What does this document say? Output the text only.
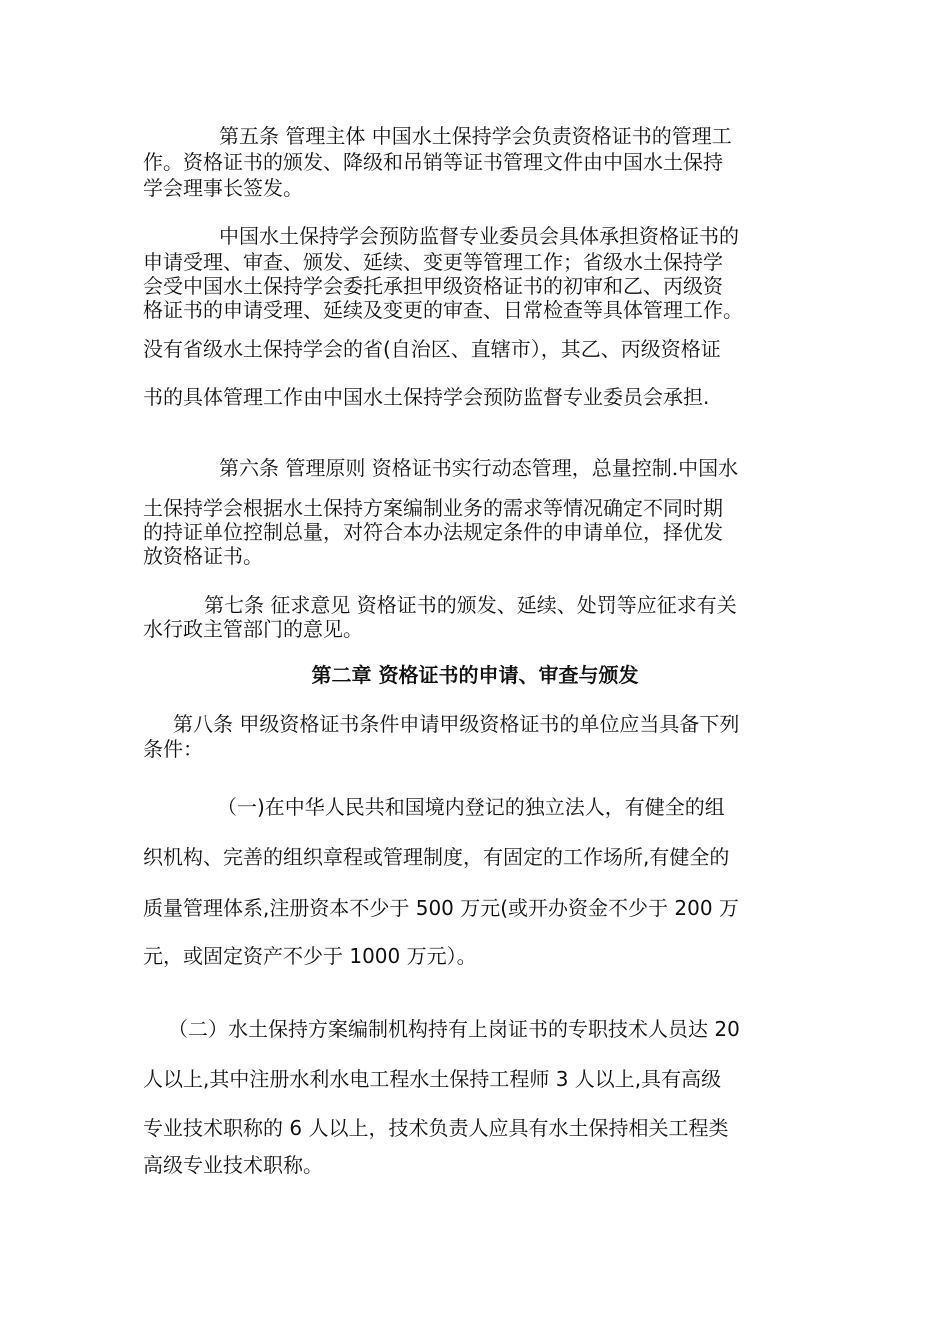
第五条 管理主体 中国水土保持学会负责资格证书的管理工
作。资格证书的颁发、降级和吊销等证书管理文件由中国水土保持
学会理事长签发。
中国水土保持学会预防监督专业委员会具体承担资格证书的
申请受理、审查、颁发、延续、变更等管理工作；省级水土保持学
会受中国水土保持学会委托承担甲级资格证书的初审和乙、丙级资
格证书的申请受理、延续及变更的审查、日常检查等具体管理工作。
没有省级水土保持学会的省(自治区、直辖市），其乙、丙级资格证
书的具体管理工作由中国水土保持学会预防监督专业委员会承担.
第六条 管理原则 资格证书实行动态管理，总量控制.中国水
土保持学会根据水土保持方案编制业务的需求等情况确定不同时期
的持证单位控制总量，对符合本办法规定条件的申请单位，择优发
放资格证书。
第七条 征求意见 资格证书的颁发、延续、处罚等应征求有关
水行政主管部门的意见。
第二章 资格证书的申请、审查与颁发
第八条 甲级资格证书条件申请甲级资格证书的单位应当具备下列
条件：
（一)在中华人民共和国境内登记的独立法人，有健全的组
织机构、完善的组织章程或管理制度，有固定的工作场所,有健全的
质量管理体系,注册资本不少于 500 万元(或开办资金不少于 200 万
元，或固定资产不少于 1000 万元）。
（二）水土保持方案编制机构持有上岗证书的专职技术人员达 20
人以上,其中注册水利水电工程水土保持工程师 3 人以上,具有高级
专业技术职称的 6 人以上，技术负责人应具有水土保持相关工程类
高级专业技术职称。
